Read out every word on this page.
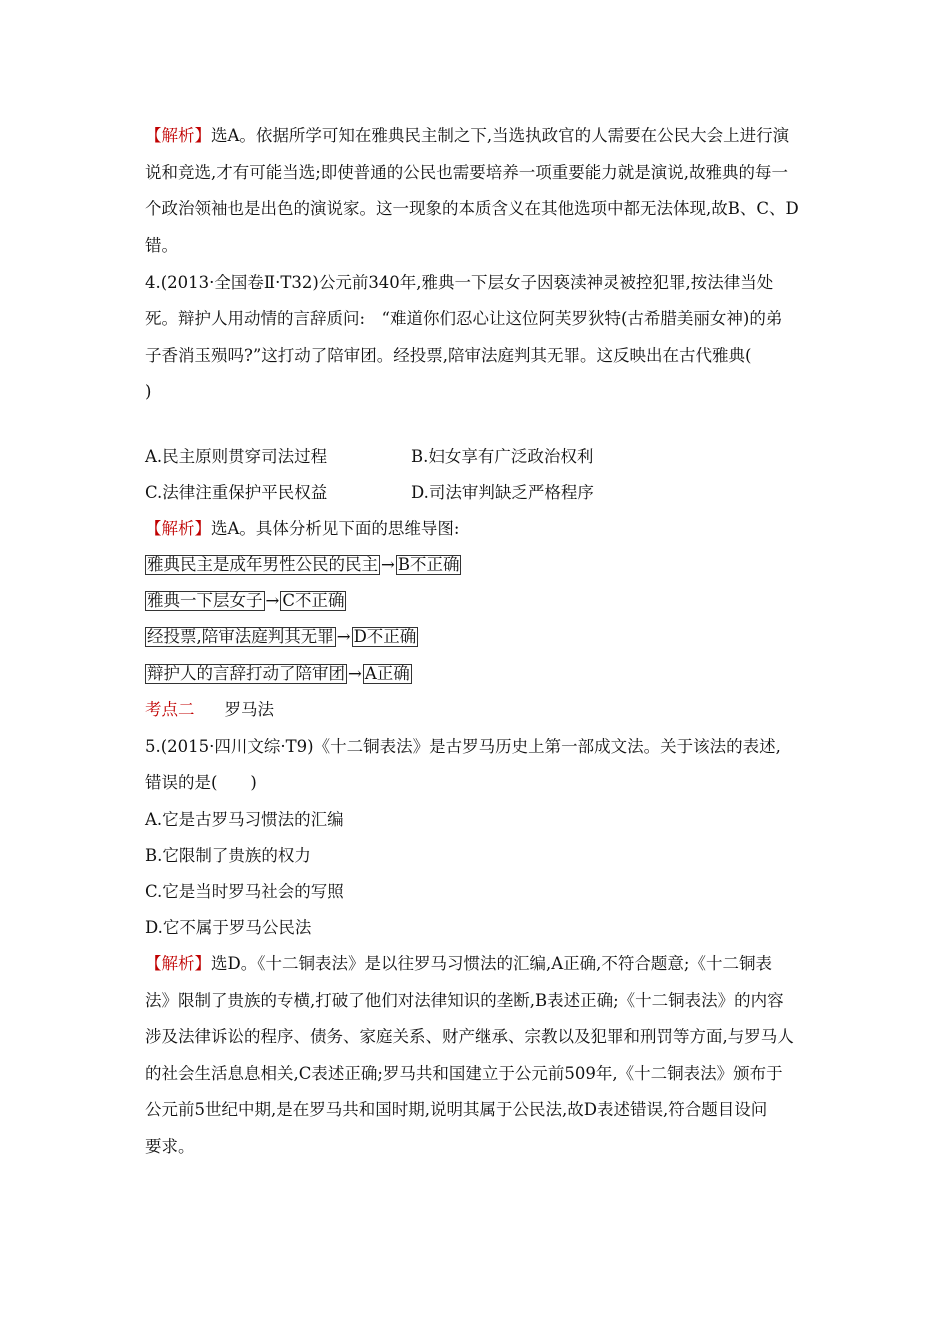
【解析】选A。依据所学可知在雅典民主制之下,当选执政官的人需要在公民大会上进行演
说和竞选,才有可能当选;即使普通的公民也需要培养一项重要能力就是演说,故雅典的每一
个政治领袖也是出色的演说家。这一现象的本质含义在其他选项中都无法体现,故B、C、D
错。
4.(2013·全国卷Ⅱ·T32)公元前340年,雅典一下层女子因亵渎神灵被控犯罪,按法律当处
死。辩护人用动情的言辞质问:　“难道你们忍心让这位阿芙罗狄特(古希腊美丽女神)的弟
子香消玉殒吗?”这打动了陪审团。经投票,陪审法庭判其无罪。这反映出在古代雅典(
)
A.民主原则贯穿司法过程	B.妇女享有广泛政治权利
C.法律注重保护平民权益	D.司法审判缺乏严格程序
【解析】选A。具体分析见下面的思维导图:
雅典民主是成年男性公民的民主 → B不正确
雅典一下层女子 → C不正确
经投票,陪审法庭判其无罪 → D不正确
辩护人的言辞打动了陪审团 → A正确
考点二 罗马法
5.(2015·四川文综·T9)《十二铜表法》是古罗马历史上第一部成文法。关于该法的表述,
错误的是(　　)
A.它是古罗马习惯法的汇编
B.它限制了贵族的权力
C.它是当时罗马社会的写照
D.它不属于罗马公民法
【解析】选D。《十二铜表法》是以往罗马习惯法的汇编,A正确,不符合题意;《十二铜表
法》限制了贵族的专横,打破了他们对法律知识的垄断,B表述正确;《十二铜表法》的内容
涉及法律诉讼的程序、债务、家庭关系、财产继承、宗教以及犯罪和刑罚等方面,与罗马人
的社会生活息息相关,C表述正确;罗马共和国建立于公元前509年,《十二铜表法》颁布于
公元前5世纪中期,是在罗马共和国时期,说明其属于公民法,故D表述错误,符合题目设问
要求。
